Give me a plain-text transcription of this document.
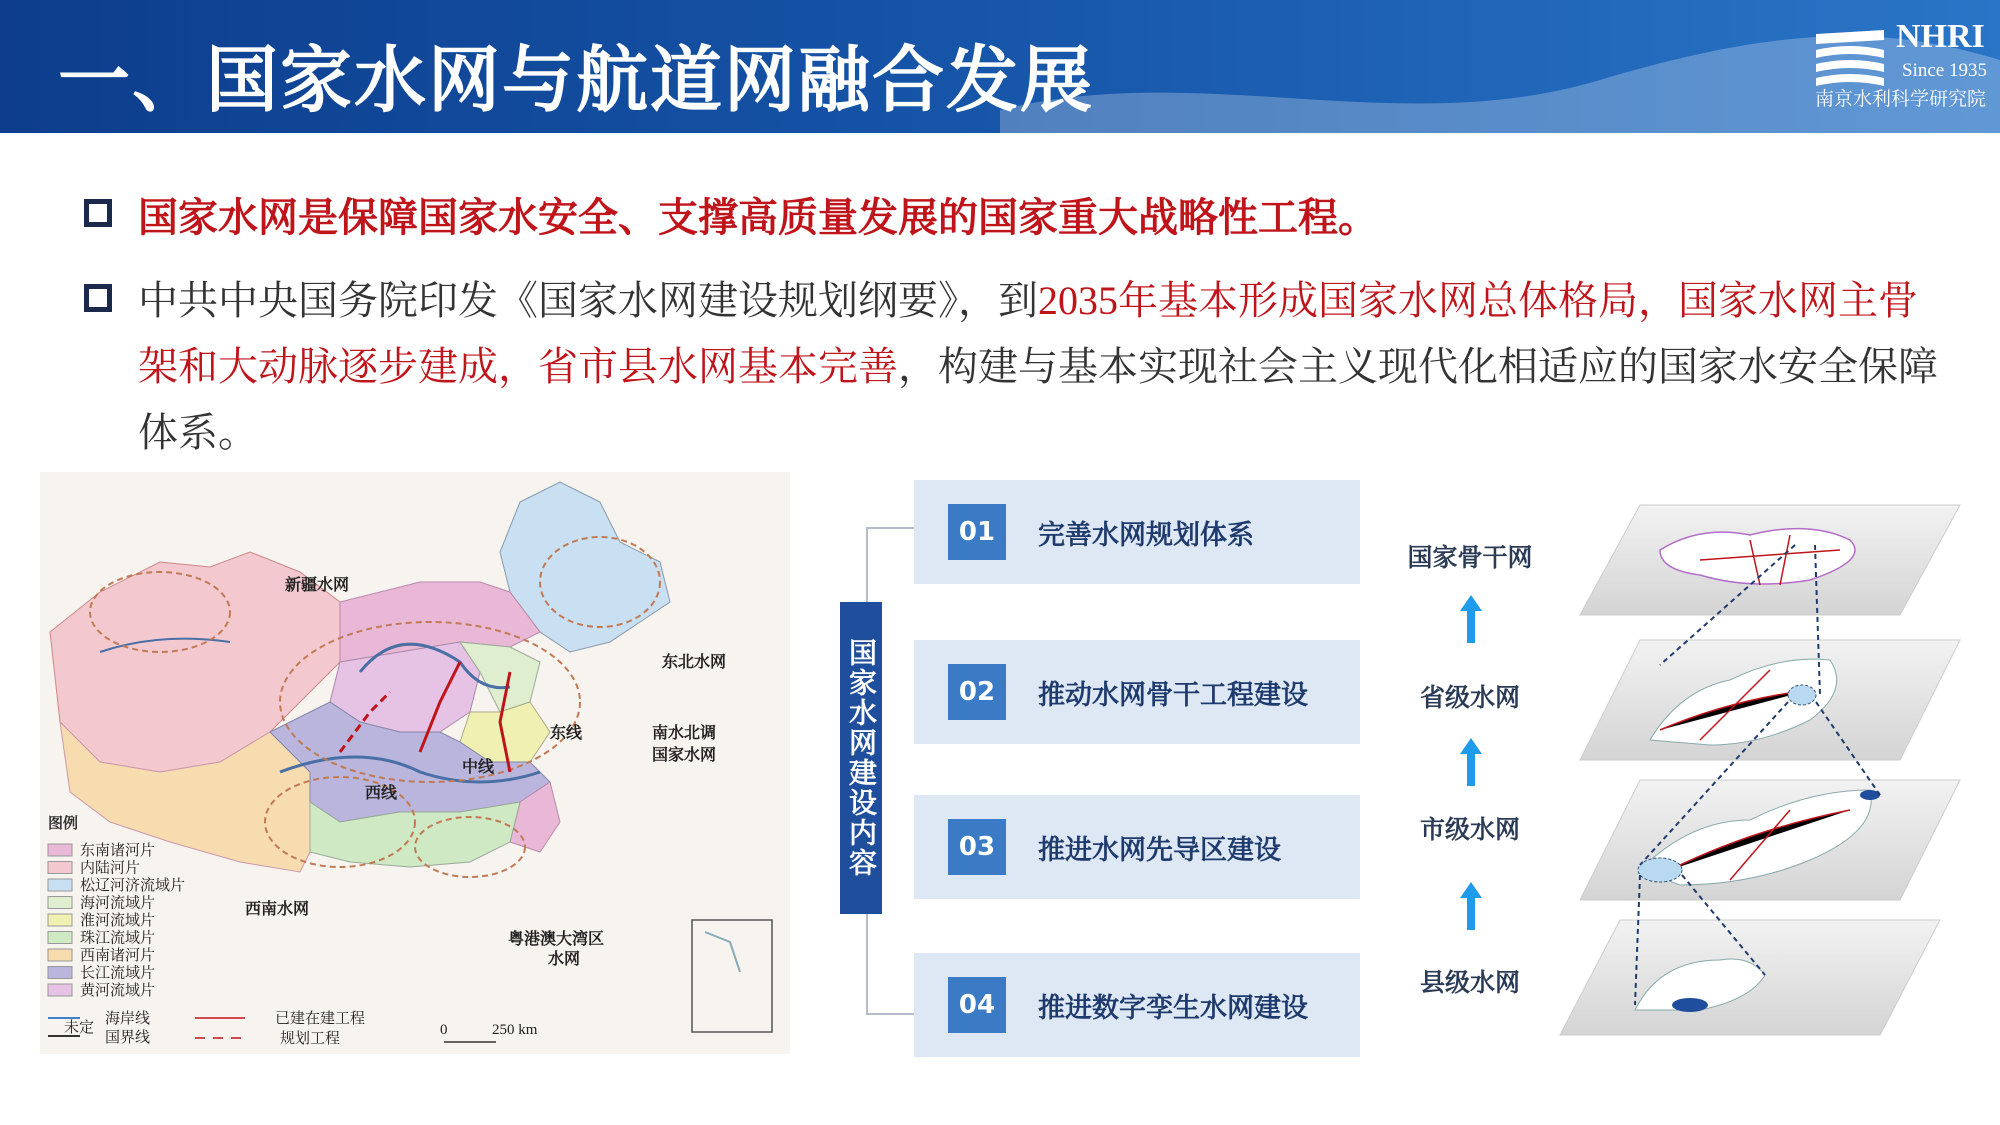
一、国家水网与航道网融合发展
NHRI
Since 1935
南京水利科学研究院
国家水网是保障国家水安全、支撑高质量发展的国家重大战略性工程。
中共中央国务院印发《国家水网建设规划纲要》，到2035年基本形成国家水网总体格局，国家水网主骨架和大动脉逐步建成，省市县水网基本完善，构建与基本实现社会主义现代化相适应的国家水安全保障体系。
新疆水网
东北水网
南水北调
国家水网
西南水网
粤港澳大湾区
水网
东线
中线
西线
图例
东南诸河片
内陆河片
松辽河济流域片
海河流域片
淮河流域片
珠江流域片
西南诸河片
长江流域片
黄河流域片
海岸线
未定
国界线
已建在建工程
规划工程
0	250 km
国家水网建设内容
01	完善水网规划体系
02	推动水网骨干工程建设
03	推进水网先导区建设
04	推进数字孪生水网建设
国家骨干网
省级水网
市级水网
县级水网
